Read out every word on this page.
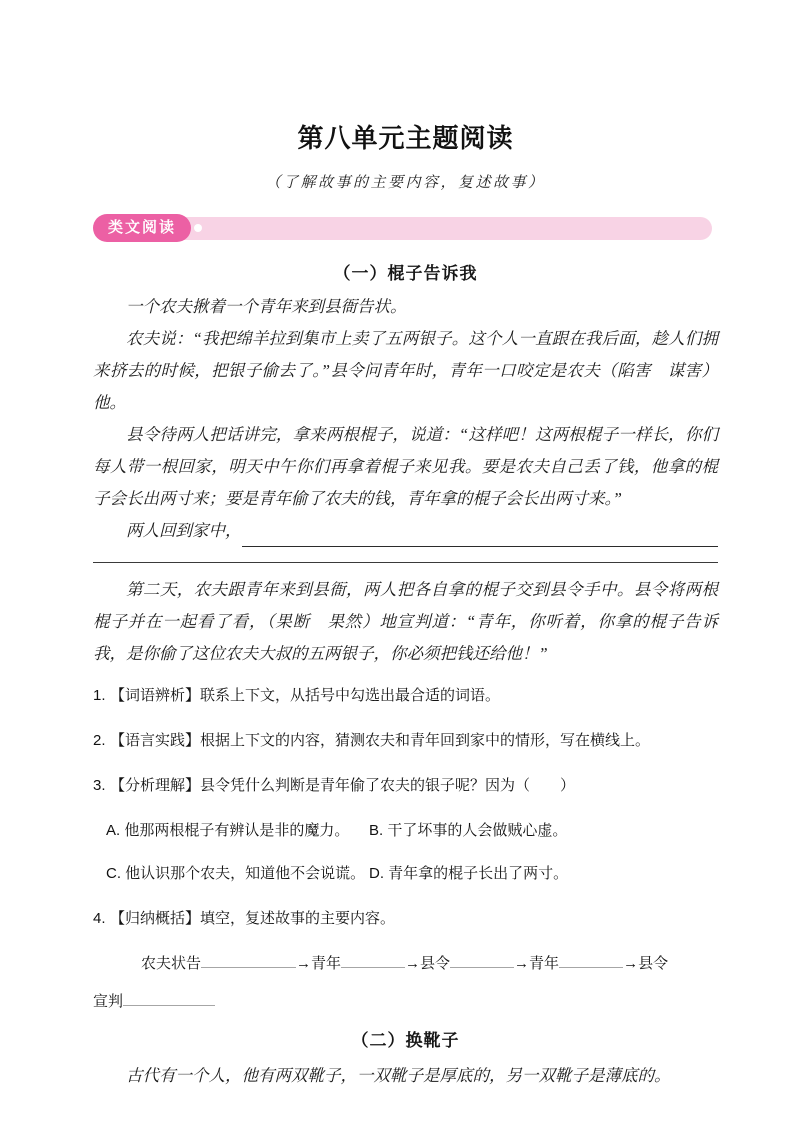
第八单元主题阅读
（了解故事的主要内容，复述故事）
类文阅读
（一）棍子告诉我

一个农夫揪着一个青年来到县衙告状。

农夫说：“我把绵羊拉到集市上卖了五两银子。这个人一直跟在我后面，趁人们拥来挤去的时候，把银子偷去了。”县令问青年时，青年一口咬定是农夫（陷害　谋害）他。

县令待两人把话讲完，拿来两根棍子，说道：“这样吧！这两根棍子一样长，你们每人带一根回家，明天中午你们再拿着棍子来见我。要是农夫自己丢了钱，他拿的棍子会长出两寸来；要是青年偷了农夫的钱，青年拿的棍子会长出两寸来。”

两人回到家中，

第二天，农夫跟青年来到县衙，两人把各自拿的棍子交到县令手中。县令将两根棍子并在一起看了看，（果断　果然）地宣判道：“青年，你听着，你拿的棍子告诉我，是你偷了这位农夫大叔的五两银子，你必须把钱还给他！”

1. 【词语辨析】联系上下文，从括号中勾选出最合适的词语。
2. 【语言实践】根据上下文的内容，猜测农夫和青年回到家中的情形，写在横线上。
3. 【分析理解】县令凭什么判断是青年偷了农夫的银子呢？因为（　　）
A. 他那两根棍子有辨认是非的魔力。	B. 干了坏事的人会做贼心虚。
C. 他认识那个农夫，知道他不会说谎。 D. 青年拿的棍子长出了两寸。
4. 【归纳概括】填空，复述故事的主要内容。
农夫状告	→青年	→县令	→青年	→县令
宣判
（二）换靴子

古代有一个人，他有两双靴子，一双靴子是厚底的，另一双靴子是薄底的。
